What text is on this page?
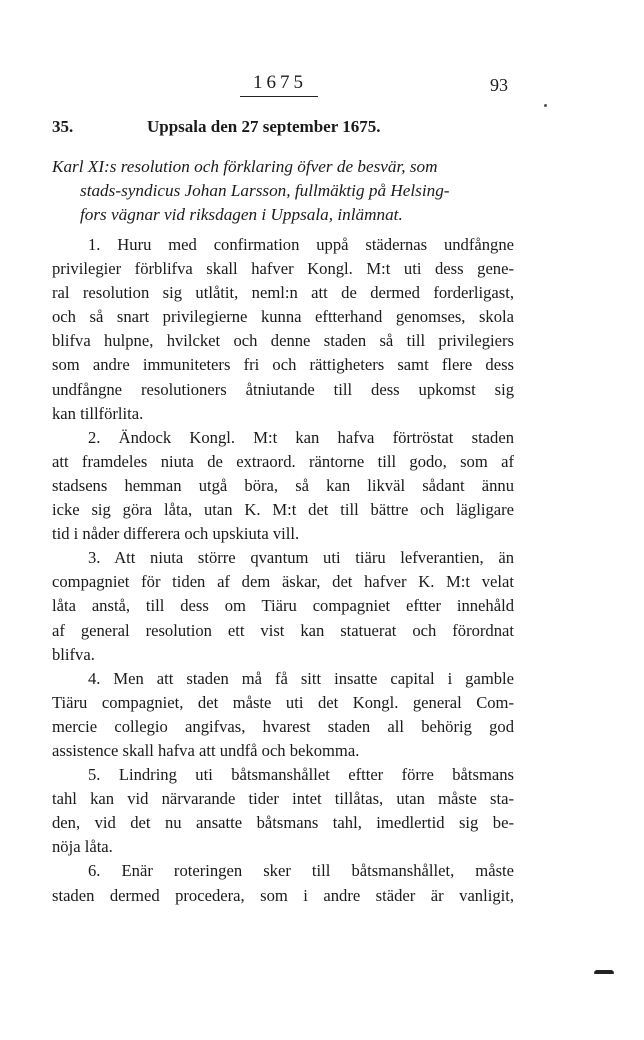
1675	93
35.	Uppsala den 27 september 1675.
Karl XI:s resolution och förklaring öfver de besvär, som
stads-syndicus Johan Larsson, fullmäktig på Helsing-
fors vägnar vid riksdagen i Uppsala, inlämnat.
1. Huru med confirmation uppå städernas undfångne
privilegier förblifva skall hafver Kongl. M:t uti dess gene-
ral resolution sig utlåtit, neml:n att de dermed forderligast,
och så snart privilegierne kunna eftterhand genomses, skola
blifva hulpne, hvilcket och denne staden så till privilegiers
som andre immuniteters fri och rättigheters samt flere dess
undfångne resolutioners åtniutande till dess upkomst sig
kan tillförlita.
2. Ändock Kongl. M:t kan hafva förtröstat staden
att framdeles niuta de extraord. räntorne till godo, som af
stadsens hemman utgå böra, så kan likväl sådant ännu
icke sig göra låta, utan K. M:t det till bättre och lägligare
tid i nåder differera och upskiuta vill.
3. Att niuta större qvantum uti tiäru lefverantien, än
compagniet för tiden af dem äskar, det hafver K. M:t velat
låta anstå, till dess om Tiäru compagniet eftter innehåld
af general resolution ett vist kan statuerat och förordnat
blifva.
4. Men att staden må få sitt insatte capital i gamble
Tiäru compagniet, det måste uti det Kongl. general Com-
mercie collegio angifvas, hvarest staden all behörig god
assistence skall hafva att undfå och bekomma.
5. Lindring uti båtsmanshållet eftter förre båtsmans
tahl kan vid närvarande tider intet tillåtas, utan måste sta-
den, vid det nu ansatte båtsmans tahl, imedlertid sig be-
nöja låta.
6. Enär roteringen sker till båtsmanshållet, måste
staden dermed procedera, som i andre städer är vanligit,
